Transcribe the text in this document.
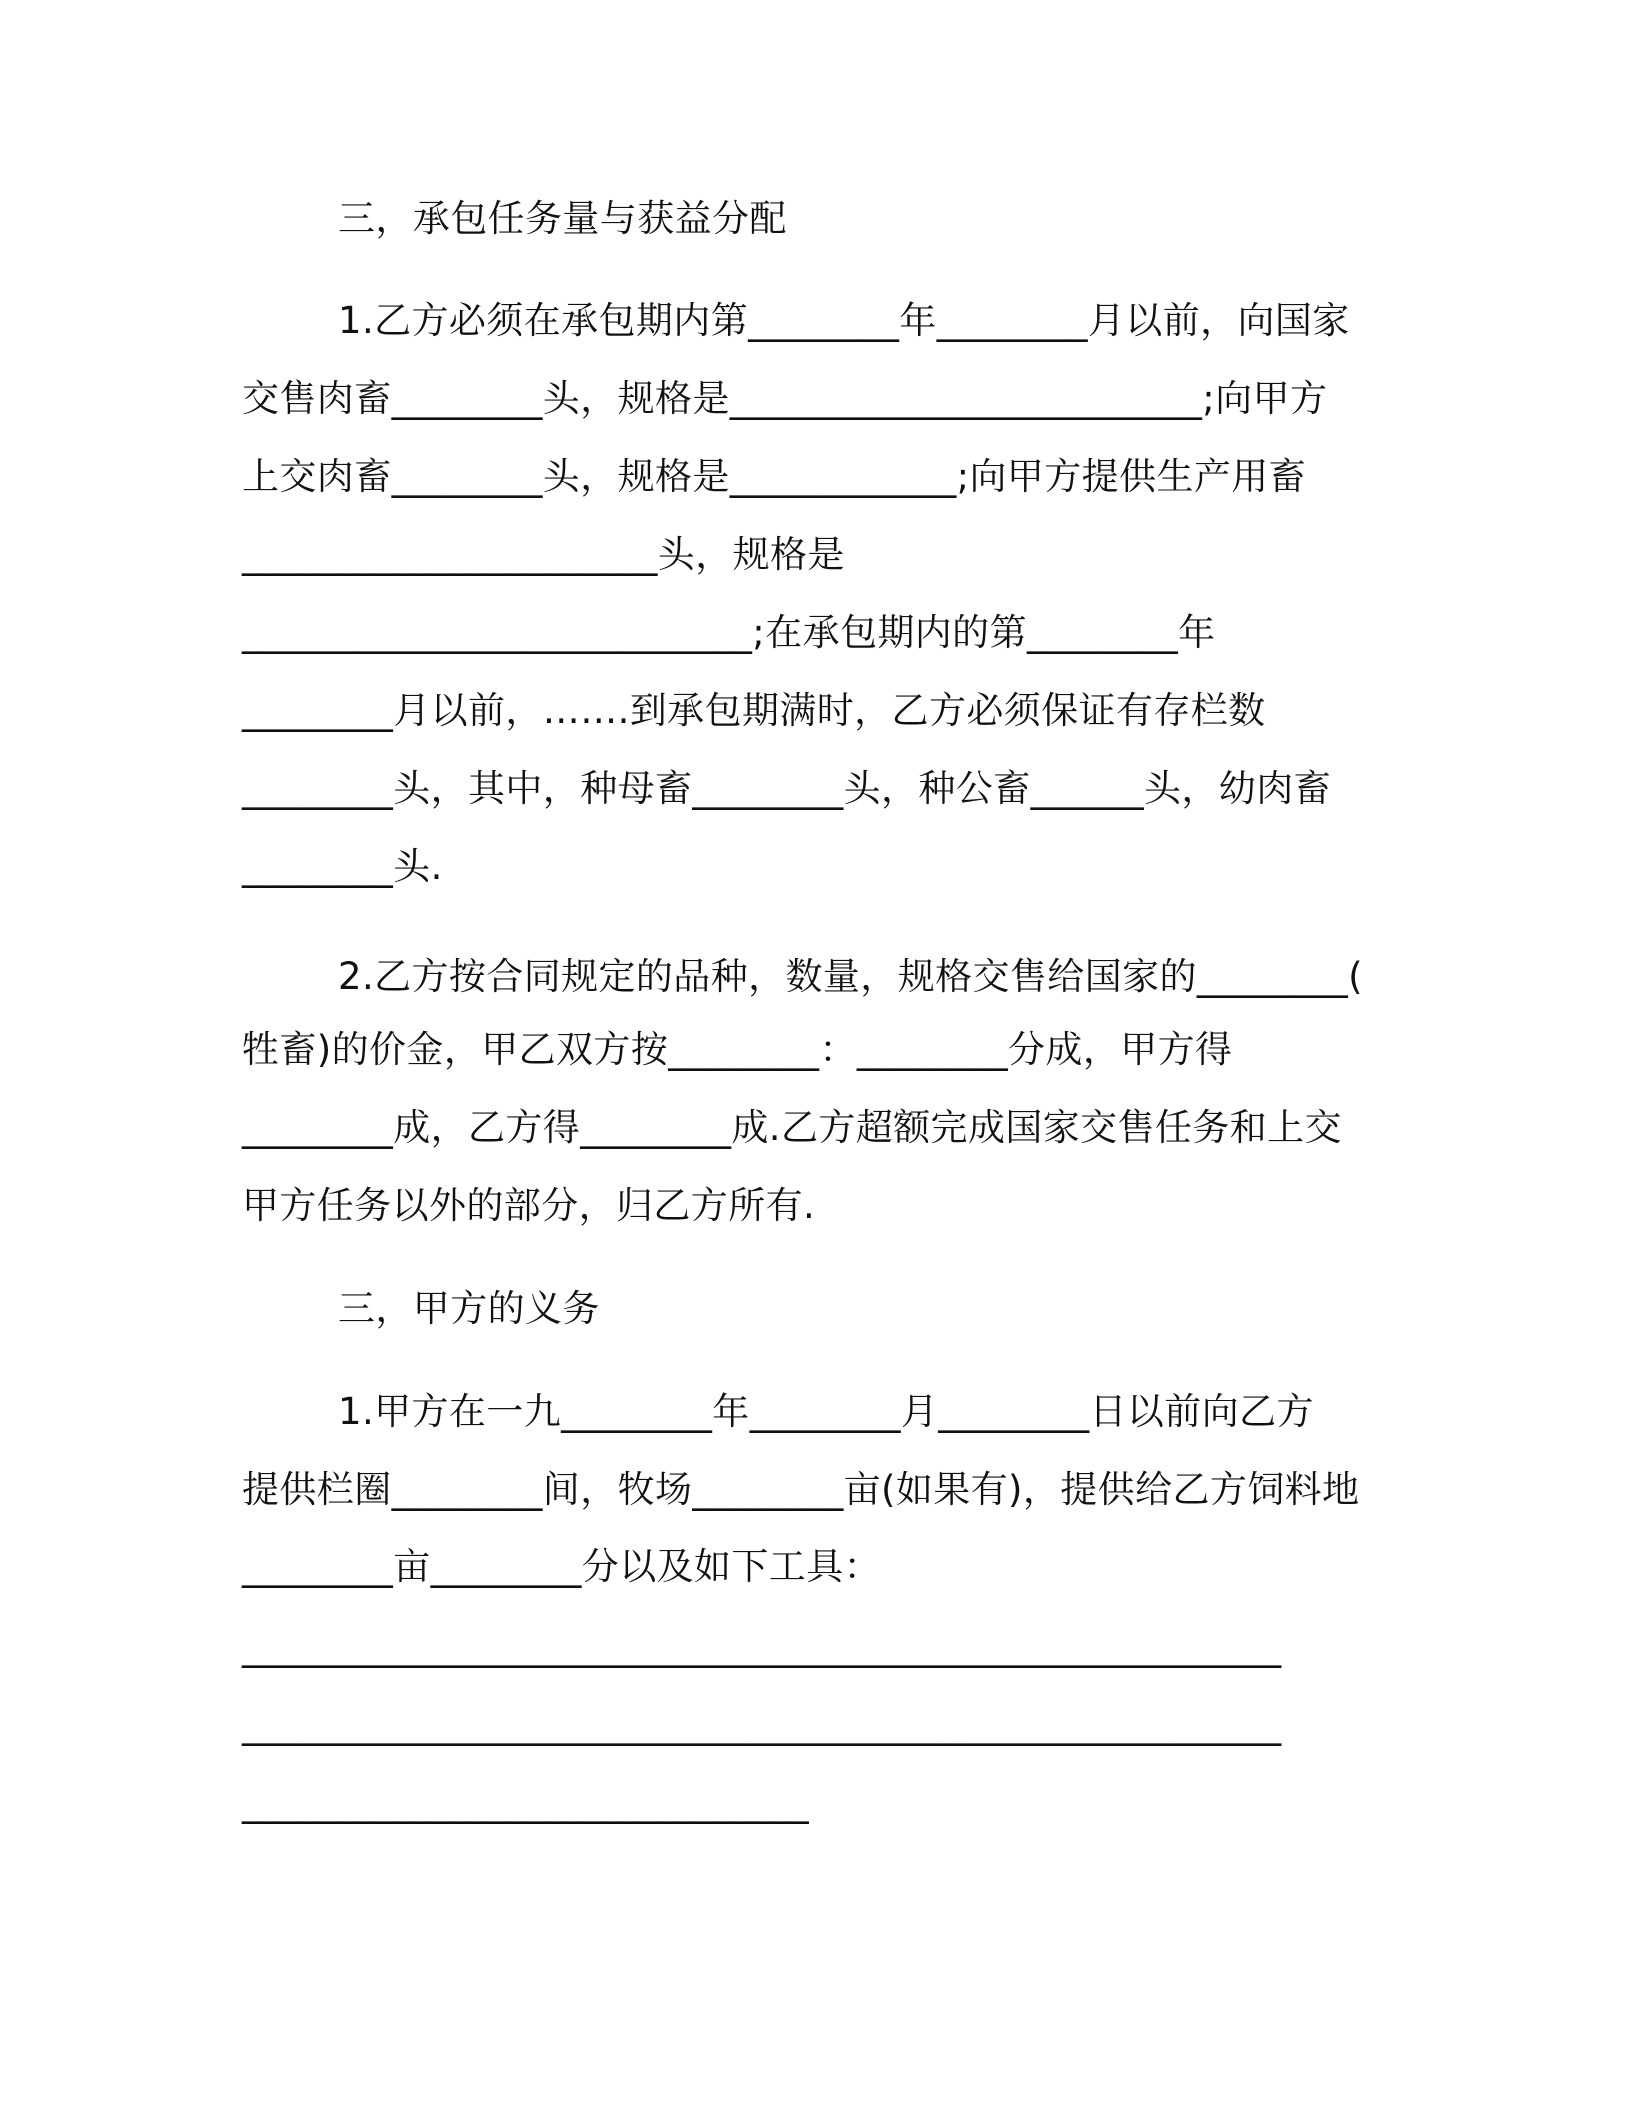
三，承包任务量与获益分配

1.乙方必须在承包期内第________年________月以前，向国家

交售肉畜________头，规格是_________________________;向甲方

上交肉畜________头，规格是____________;向甲方提供生产用畜

______________________头，规格是

___________________________;在承包期内的第________年

________月以前，…….到承包期满时，乙方必须保证有存栏数

________头，其中，种母畜________头，种公畜______头，幼肉畜

________头.

2.乙方按合同规定的品种，数量，规格交售给国家的________(

牲畜)的价金，甲乙双方按________：________分成，甲方得

________成，乙方得________成.乙方超额完成国家交售任务和上交

甲方任务以外的部分，归乙方所有.

三，甲方的义务

1.甲方在一九________年________月________日以前向乙方

提供栏圈________间，牧场________亩(如果有)，提供给乙方饲料地

________亩________分以及如下工具：

_______________________________________________________

_______________________________________________________

______________________________
